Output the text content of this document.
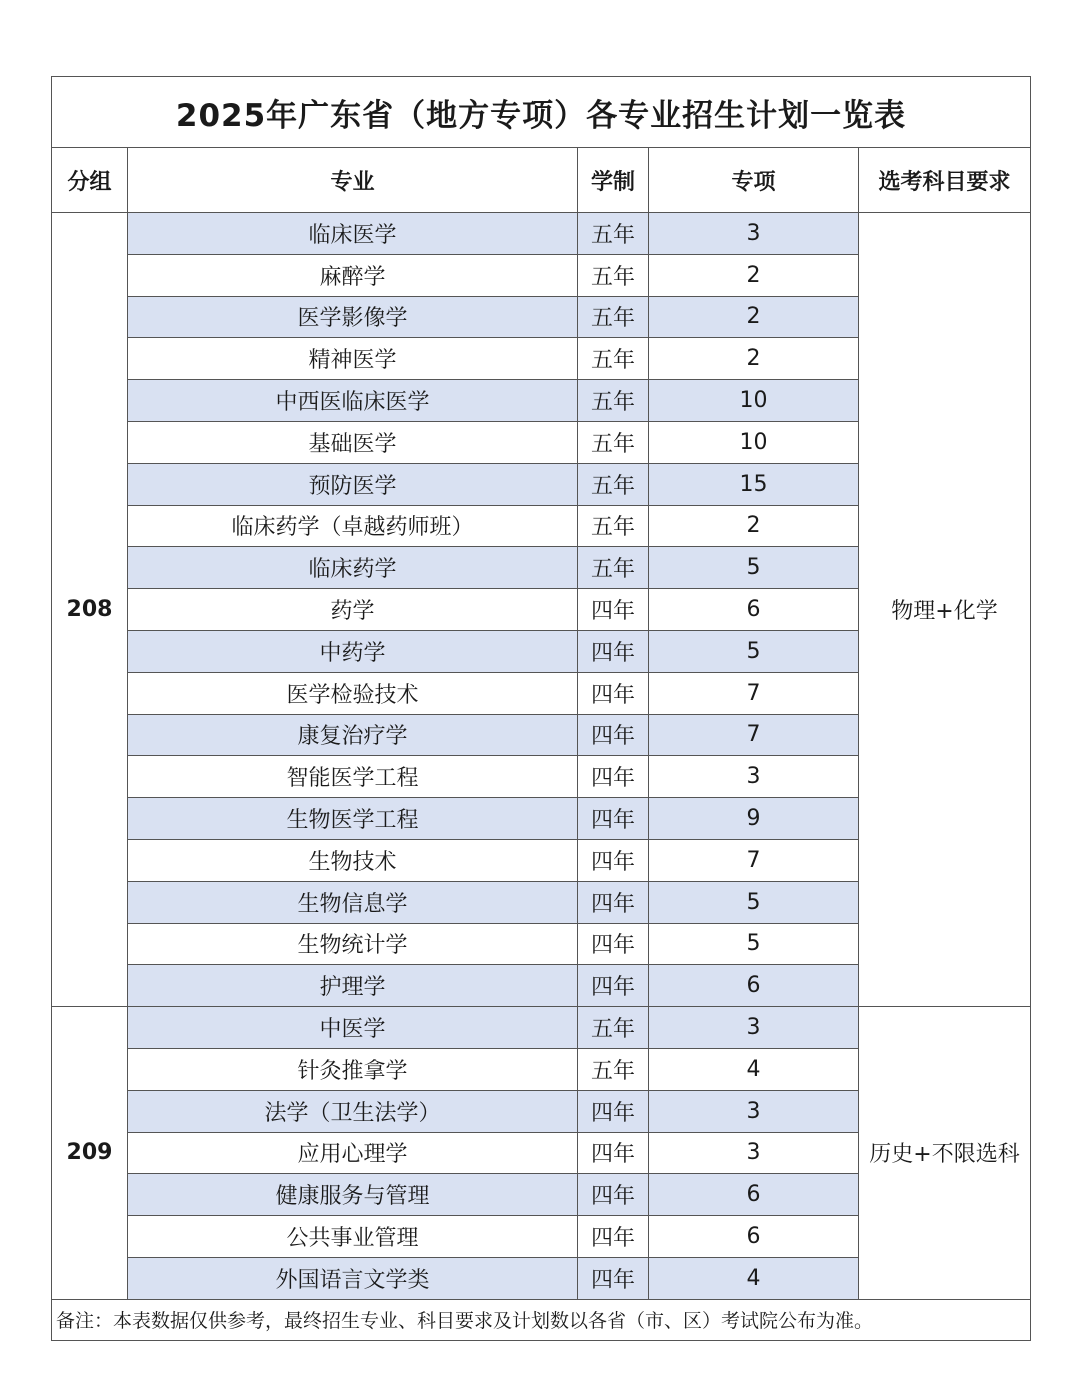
2025年广东省（地方专项）各专业招生计划一览表				
分组	专业	学制	专项	选考科目要求
208	临床医学	五年	3	物理+化学
	麻醉学	五年	2	
	医学影像学	五年	2	
	精神医学	五年	2	
	中西医临床医学	五年	10	
	基础医学	五年	10	
	预防医学	五年	15	
	临床药学（卓越药师班）	五年	2	
	临床药学	五年	5	
	药学	四年	6	
	中药学	四年	5	
	医学检验技术	四年	7	
	康复治疗学	四年	7	
	智能医学工程	四年	3	
	生物医学工程	四年	9	
	生物技术	四年	7	
	生物信息学	四年	5	
	生物统计学	四年	5	
	护理学	四年	6	
209	中医学	五年	3	历史+不限选科
	针灸推拿学	五年	4	
	法学（卫生法学）	四年	3	
	应用心理学	四年	3	
	健康服务与管理	四年	6	
	公共事业管理	四年	6	
	外国语言文学类	四年	4	
备注：本表数据仅供参考，最终招生专业、科目要求及计划数以各省（市、区）考试院公布为准。				
